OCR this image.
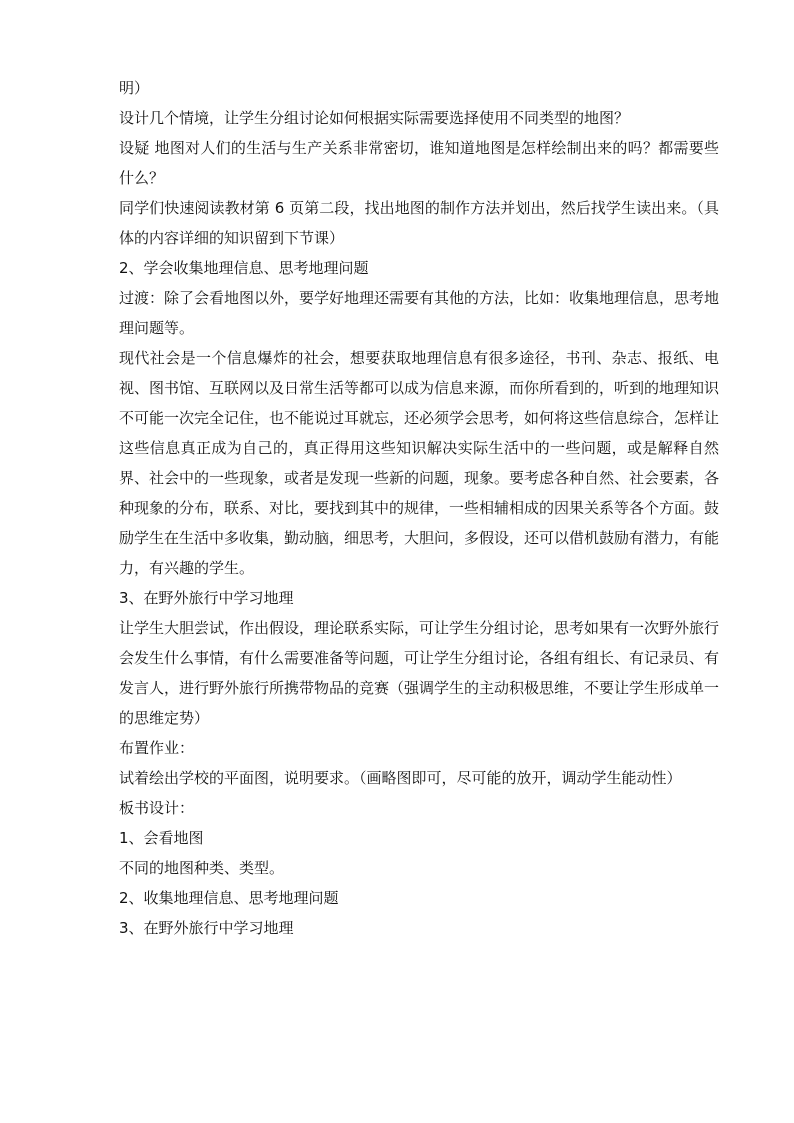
明）

设计几个情境，让学生分组讨论如何根据实际需要选择使用不同类型的地图？

设疑 地图对人们的生活与生产关系非常密切，谁知道地图是怎样绘制出来的吗？都需要些什么？

同学们快速阅读教材第 6 页第二段，找出地图的制作方法并划出，然后找学生读出来。（具体的内容详细的知识留到下节课）

2、学会收集地理信息、思考地理问题

过渡：除了会看地图以外，要学好地理还需要有其他的方法，比如：收集地理信息，思考地理问题等。

现代社会是一个信息爆炸的社会，想要获取地理信息有很多途径，书刊、杂志、报纸、电视、图书馆、互联网以及日常生活等都可以成为信息来源，而你所看到的，听到的地理知识不可能一次完全记住，也不能说过耳就忘，还必须学会思考，如何将这些信息综合，怎样让这些信息真正成为自己的，真正得用这些知识解决实际生活中的一些问题，或是解释自然界、社会中的一些现象，或者是发现一些新的问题，现象。要考虑各种自然、社会要素，各种现象的分布，联系、对比，要找到其中的规律，一些相辅相成的因果关系等各个方面。鼓励学生在生活中多收集，勤动脑，细思考，大胆问，多假设，还可以借机鼓励有潜力，有能力，有兴趣的学生。

3、在野外旅行中学习地理

让学生大胆尝试，作出假设，理论联系实际，可让学生分组讨论，思考如果有一次野外旅行会发生什么事情，有什么需要准备等问题，可让学生分组讨论，各组有组长、有记录员、有发言人，进行野外旅行所携带物品的竞赛（强调学生的主动积极思维，不要让学生形成单一的思维定势）

布置作业：

试着绘出学校的平面图，说明要求。（画略图即可，尽可能的放开，调动学生能动性）

板书设计：

1、会看地图

不同的地图种类、类型。

2、收集地理信息、思考地理问题

3、在野外旅行中学习地理
